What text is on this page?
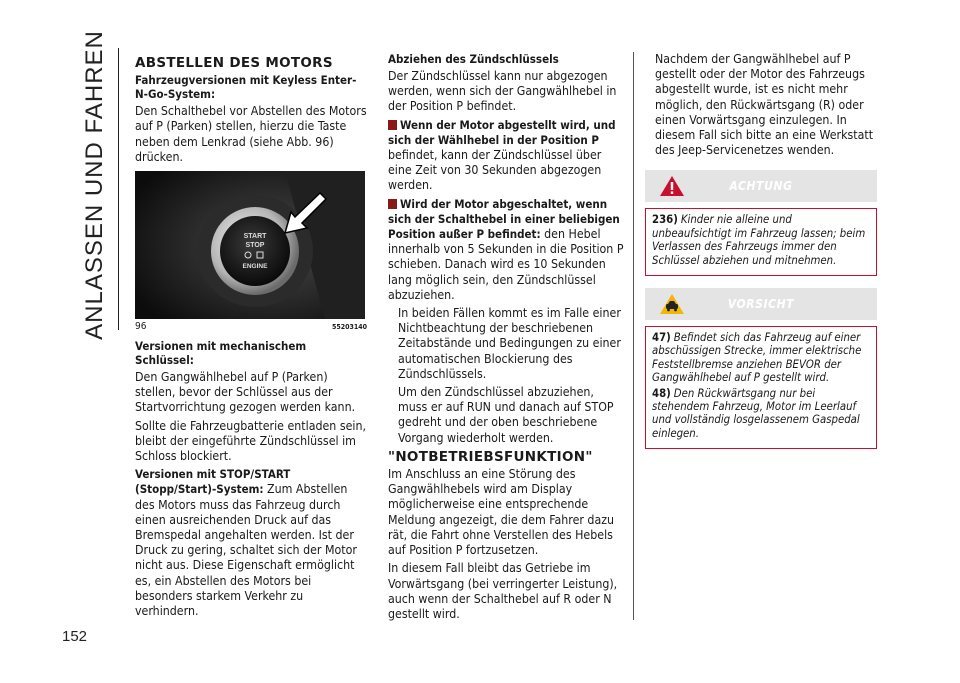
ANLASSEN UND FAHREN
152
ABSTELLEN DES MOTORS
Fahrzeugversionen mit Keyless Enter-N-Go-System:

Den Schalthebel vor Abstellen des Motors auf P (Parken) stellen, hierzu die Taste neben dem Lenkrad (siehe Abb. 96) drücken.

START
STOP
ENGINE
96	55203140
Versionen mit mechanischem Schlüssel:

Den Gangwählhebel auf P (Parken) stellen, bevor der Schlüssel aus der Startvorrichtung gezogen werden kann.

Sollte die Fahrzeugbatterie entladen sein, bleibt der eingeführte Zündschlüssel im Schloss blockiert.

Versionen mit STOP/START (Stopp/Start)-System: Zum Abstellen des Motors muss das Fahrzeug durch einen ausreichenden Druck auf das Bremspedal angehalten werden. Ist der Druck zu gering, schaltet sich der Motor nicht aus. Diese Eigenschaft ermöglicht es, ein Abstellen des Motors bei besonders starkem Verkehr zu verhindern.

Abziehen des Zündschlüssels

Der Zündschlüssel kann nur abgezogen werden, wenn sich der Gangwählhebel in der Position P befindet.

Wenn der Motor abgestellt wird, und sich der Wählhebel in der Position P befindet, kann der Zündschlüssel über eine Zeit von 30 Sekunden abgezogen werden.

Wird der Motor abgeschaltet, wenn sich der Schalthebel in einer beliebigen Position außer P befindet: den Hebel innerhalb von 5 Sekunden in die Position P schieben. Danach wird es 10 Sekunden lang möglich sein, den Zündschlüssel abzuziehen.

In beiden Fällen kommt es im Falle einer Nichtbeachtung der beschriebenen Zeitabstände und Bedingungen zu einer automatischen Blockierung des Zündschlüssels.

Um den Zündschlüssel abzuziehen, muss er auf RUN und danach auf STOP gedreht und der oben beschriebene Vorgang wiederholt werden.

"NOTBETRIEBSFUNKTION"

Im Anschluss an eine Störung des Gangwählhebels wird am Display möglicherweise eine entsprechende Meldung angezeigt, die dem Fahrer dazu rät, die Fahrt ohne Verstellen des Hebels auf Position P fortzusetzen.

In diesem Fall bleibt das Getriebe im Vorwärtsgang (bei verringerter Leistung), auch wenn der Schalthebel auf R oder N gestellt wird.

Nachdem der Gangwählhebel auf P gestellt oder der Motor des Fahrzeugs abgestellt wurde, ist es nicht mehr möglich, den Rückwärtsgang (R) oder einen Vorwärtsgang einzulegen. In diesem Fall sich bitte an eine Werkstatt des Jeep-Servicenetzes wenden.

ACHTUNG

236) Kinder nie alleine und unbeaufsichtigt im Fahrzeug lassen; beim Verlassen des Fahrzeugs immer den Schlüssel abziehen und mitnehmen.

VORSICHT

47) Befindet sich das Fahrzeug auf einer abschüssigen Strecke, immer elektrische Feststellbremse anziehen BEVOR der Gangwählhebel auf P gestellt wird.

48) Den Rückwärtsgang nur bei stehendem Fahrzeug, Motor im Leerlauf und vollständig losgelassenem Gaspedal einlegen.
